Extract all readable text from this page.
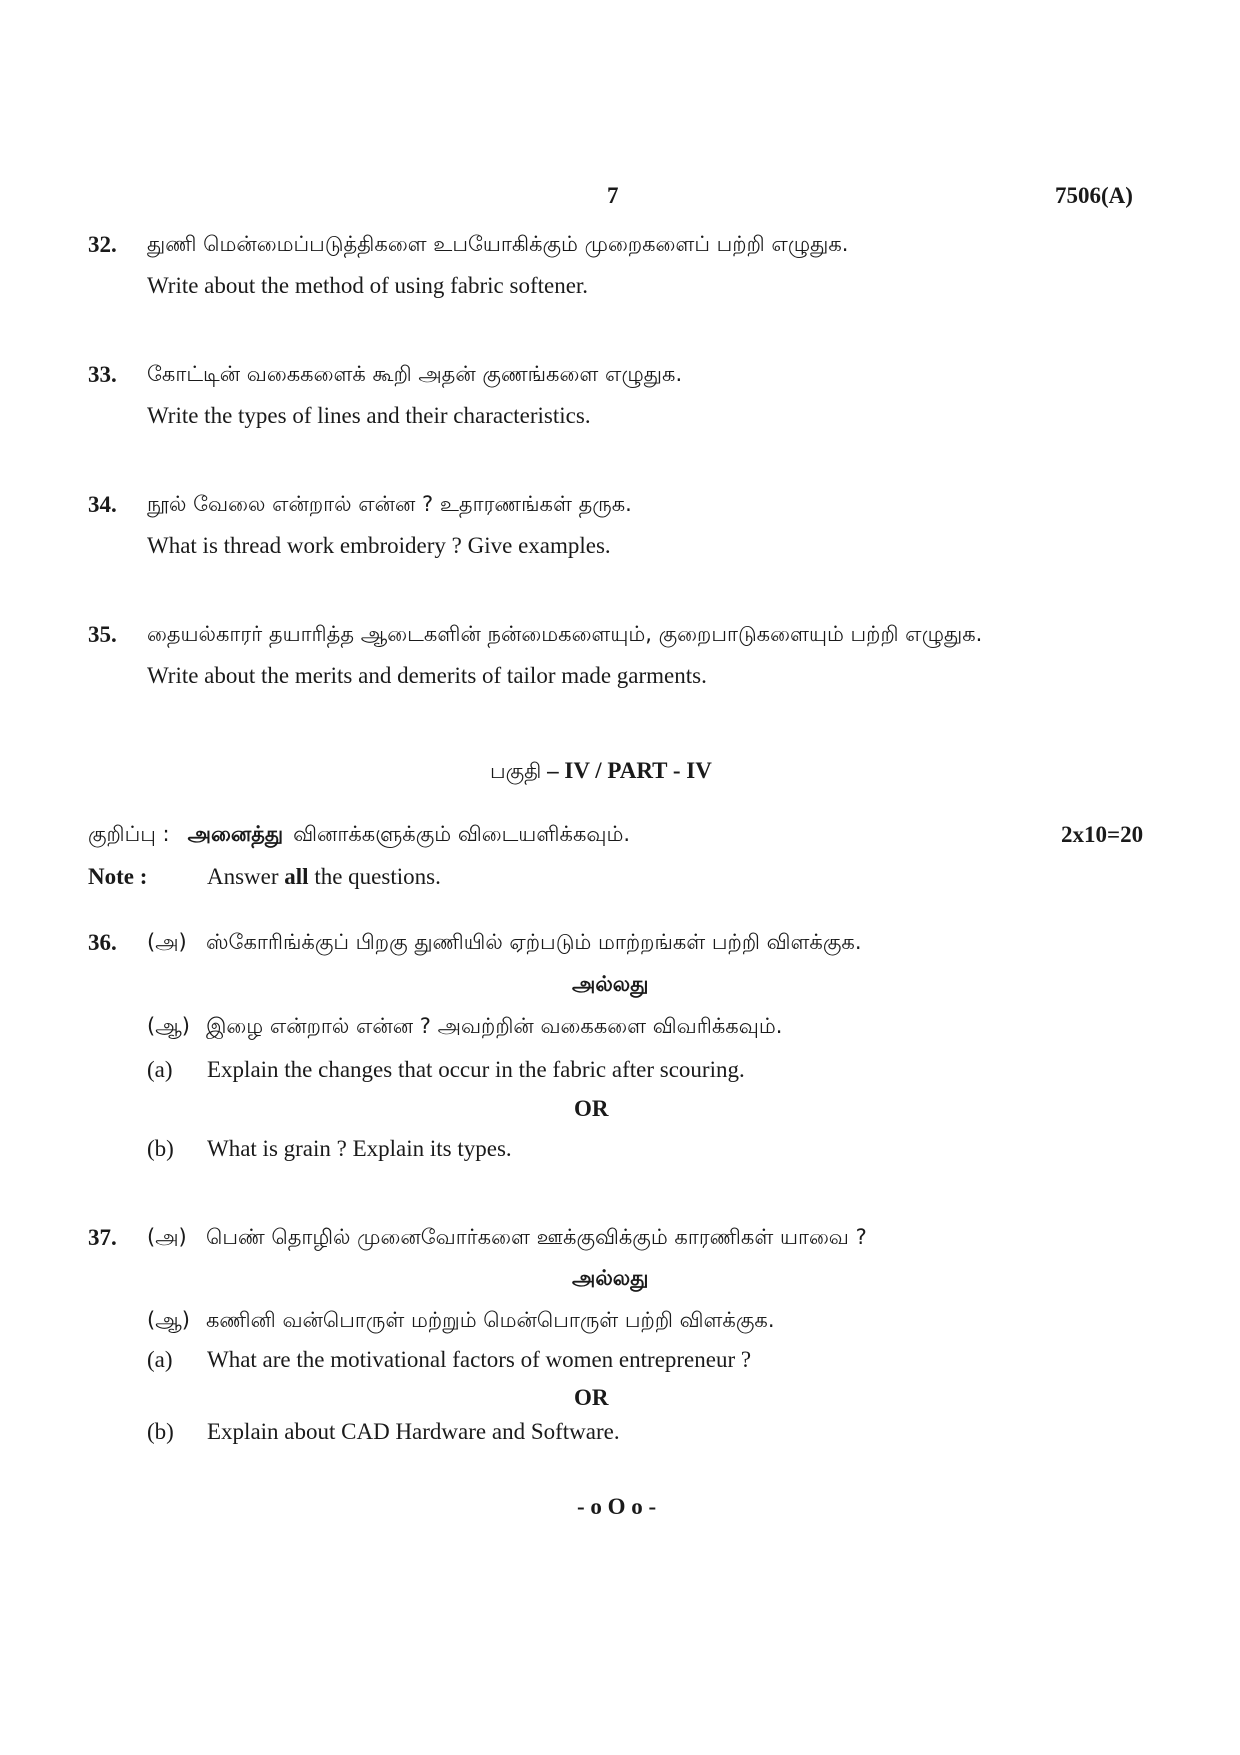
7	7506(A)
32. துணி மென்மைப்படுத்திகளை உபயோகிக்கும் முறைகளைப் பற்றி எழுதுக.
Write about the method of using fabric softener.
33. கோட்டின் வகைகளைக் கூறி அதன் குணங்களை எழுதுக.
Write the types of lines and their characteristics.
34. நூல் வேலை என்றால் என்ன ? உதாரணங்கள் தருக.
What is thread work embroidery ? Give examples.
35. தையல்காரர் தயாரித்த ஆடைகளின் நன்மைகளையும், குறைபாடுகளையும் பற்றி எழுதுக.
Write about the merits and demerits of tailor made garments.
பகுதி – IV / PART - IV
குறிப்பு : அனைத்து வினாக்களுக்கும் விடையளிக்கவும்.	2x10=20
Note :	Answer all the questions.
36. (அ) ஸ்கோரிங்க்குப் பிறகு துணியில் ஏற்படும் மாற்றங்கள் பற்றி விளக்குக.
அல்லது
(ஆ) இழை என்றால் என்ன ? அவற்றின் வகைகளை விவரிக்கவும்.
(a) Explain the changes that occur in the fabric after scouring.
OR
(b) What is grain ? Explain its types.
37. (அ) பெண் தொழில் முனைவோர்களை ஊக்குவிக்கும் காரணிகள் யாவை ?
அல்லது
(ஆ) கணினி வன்பொருள் மற்றும் மென்பொருள் பற்றி விளக்குக.
(a) What are the motivational factors of women entrepreneur ?
OR
(b) Explain about CAD Hardware and Software.
- o O o -
